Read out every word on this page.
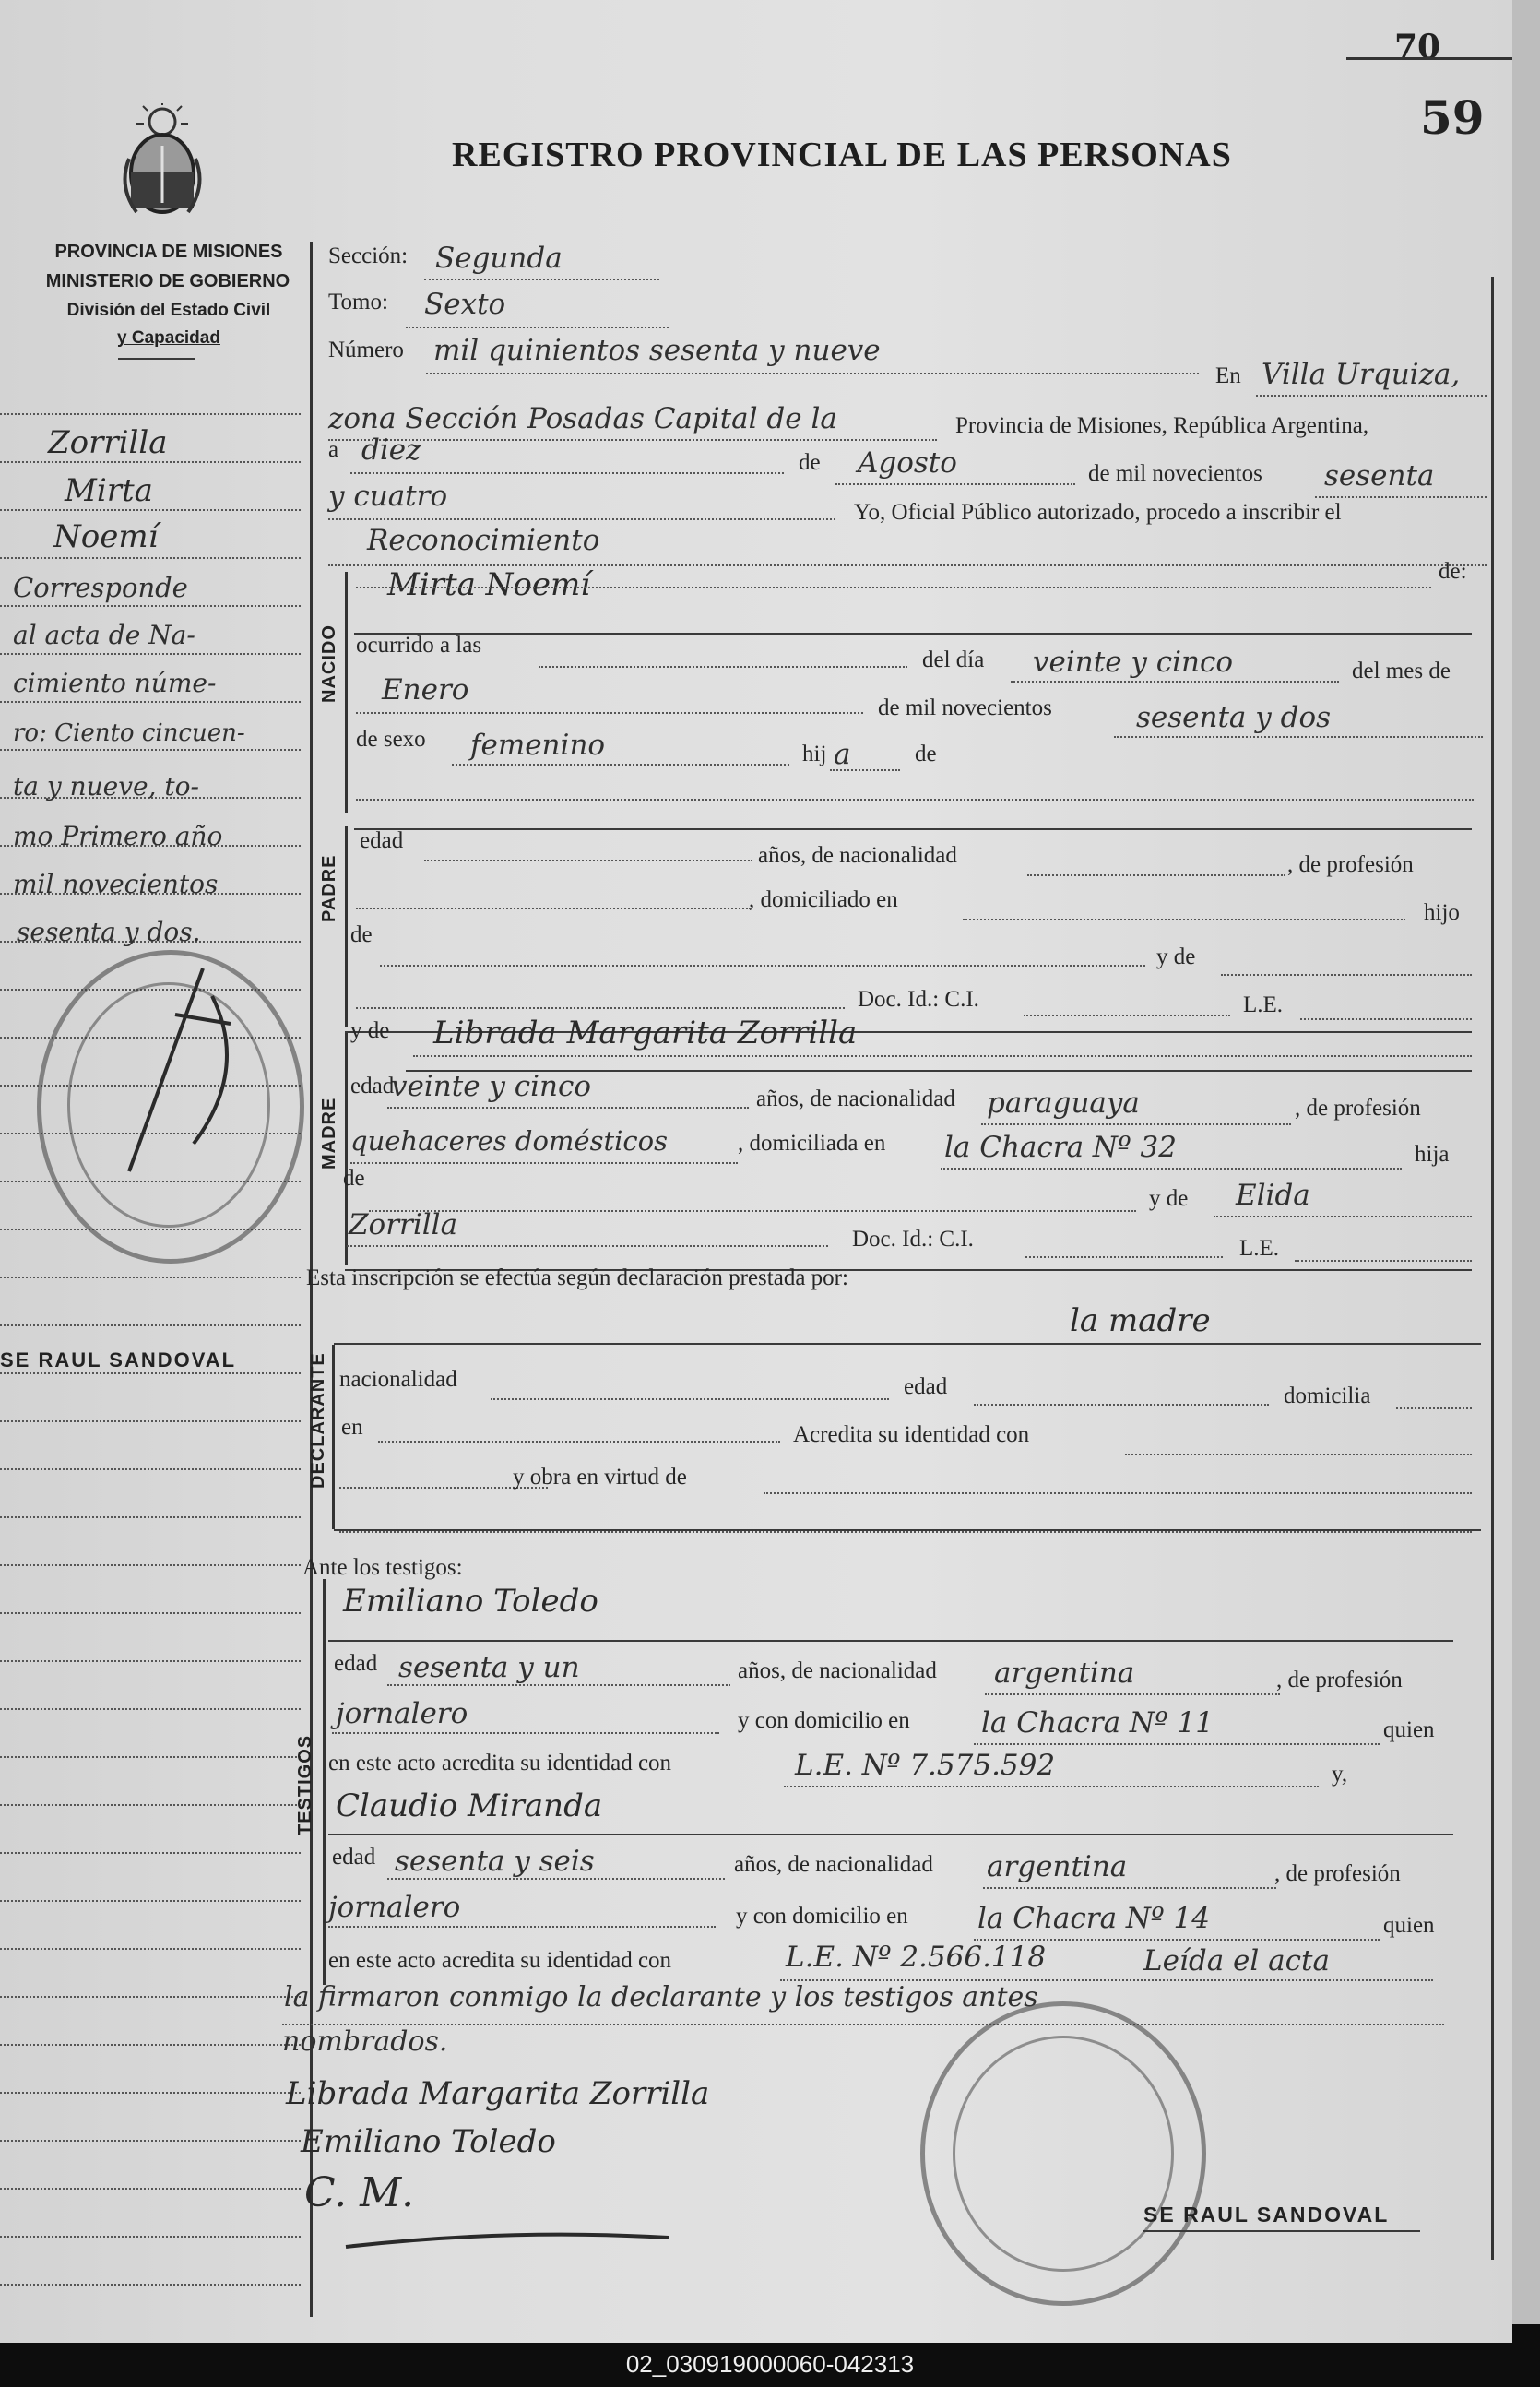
70
59
PROVINCIA DE MISIONES
MINISTERIO DE GOBIERNO
División del Estado Civil
y Capacidad
REGISTRO PROVINCIAL DE LAS PERSONAS
Zorrilla
Mirta
Noemí
Corresponde
al acta de Na-
cimiento núme-
ro: Ciento cincuen-
ta y nueve, to-
mo Primero año
mil novecientos
sesenta y dos.
SE RAUL SANDOVAL
Sección: Segunda
Tomo: Sexto
Número mil quinientos sesenta y nueve
En Villa Urquiza,
zona Sección Posadas Capital de la	Provincia de Misiones, República Argentina,
a diez	de Agosto	de mil novecientos sesenta
y cuatro	Yo, Oficial Público autorizado, procedo a inscribir el
Reconocimiento
NACIDO
Mirta Noemí	de:
ocurrido a las
del día veinte y cinco	del mes de
Enero
de mil novecientos	sesenta y dos
de sexo femenino	hij a	de
PADRE
edad
años, de nacionalidad	, de profesión
, domiciliado en
hijo
de
y de
Doc. Id.: C.I.	L.E.
MADRE
y de Librada Margarita Zorrilla
edad
veinte y cinco	años, de nacionalidad paraguaya	, de profesión
quehaceres domésticos	, domiciliada en la Chacra Nº 32	hija
de
y de Elida
Zorrilla	Doc. Id.: C.I.	L.E.
Esta inscripción se efectúa según declaración prestada por:
la madre
DECLARANTE nacionalidad	edad	domicilia
en	Acredita su identidad con
y obra en virtud de
Ante los testigos:
TESTIGOS
Emiliano Toledo
edad sesenta y un	años, de nacionalidad argentina	, de profesión
jornalero	y con domicilio en la Chacra Nº 11	quien
en este acto acredita su identidad con	L.E. Nº 7.575.592	y,
Claudio Miranda
edad sesenta y seis	años, de nacionalidad argentina	, de profesión
jornalero	y con domicilio en la Chacra Nº 14	quien
en este acto acredita su identidad con	L.E. Nº 2.566.118	Leída el acta
la firmaron conmigo la declarante y los testigos antes
nombrados.
Librada Margarita Zorrilla
Emiliano Toledo
C. M.	SE RAUL SANDOVAL
02_030919000060-042313
